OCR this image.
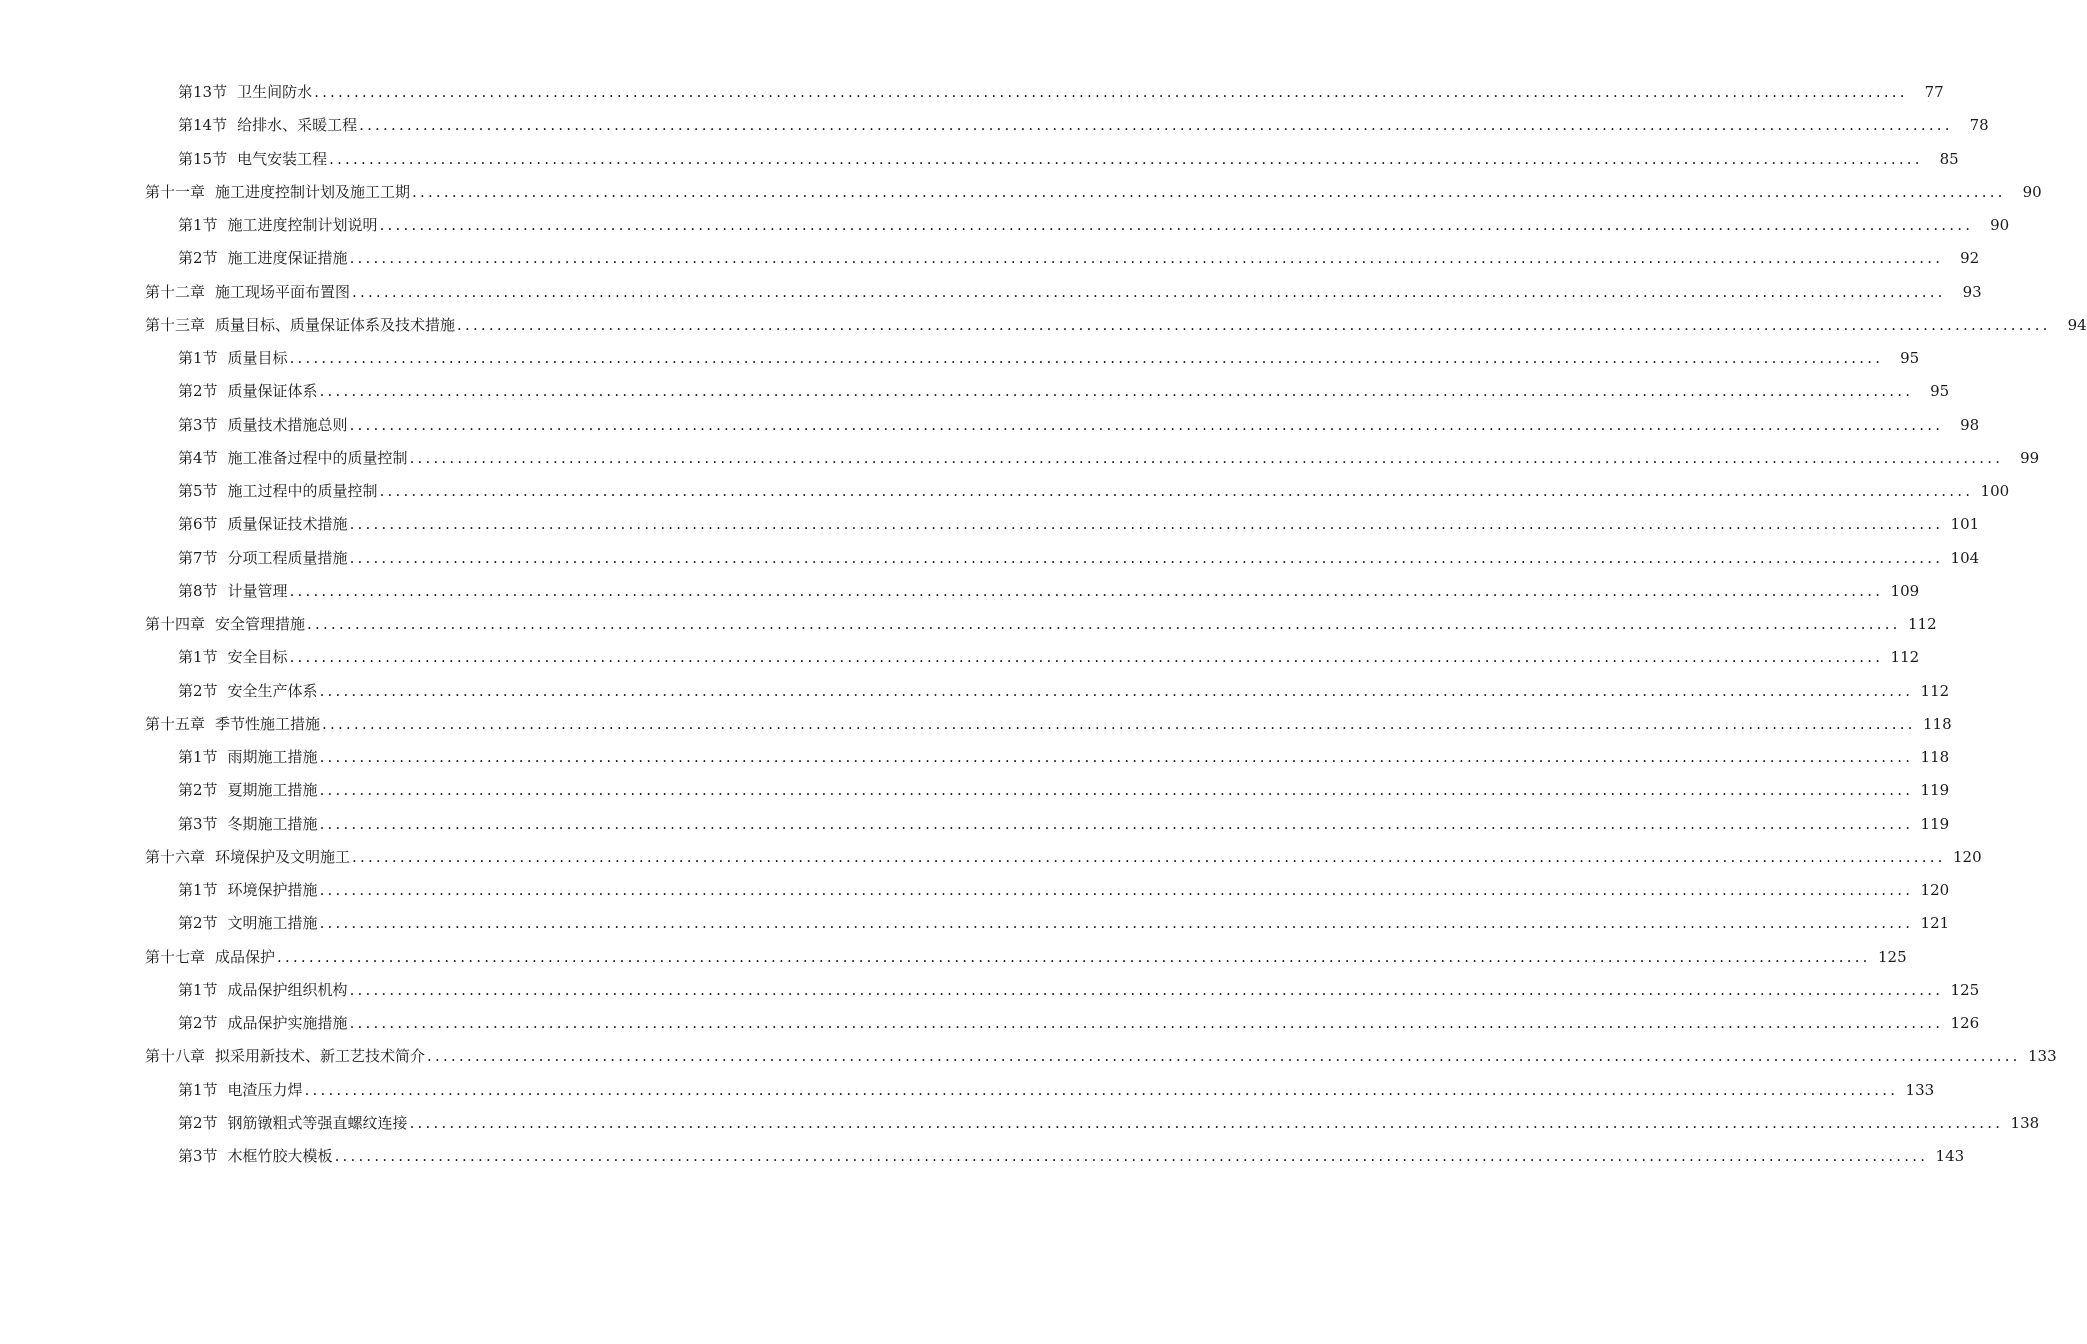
第13节 卫生间防水 ........................................................................................................................................................................................................	77
第14节 给排水、采暖工程 ........................................................................................................................................................................................................	78
第15节 电气安装工程 ........................................................................................................................................................................................................	85
第十一章 施工进度控制计划及施工工期 ........................................................................................................................................................................................................	90
第1节 施工进度控制计划说明 ........................................................................................................................................................................................................	90
第2节 施工进度保证措施 ........................................................................................................................................................................................................	92
第十二章 施工现场平面布置图 ........................................................................................................................................................................................................	93
第十三章 质量目标、质量保证体系及技术措施 ........................................................................................................................................................................................................	94
第1节 质量目标 ........................................................................................................................................................................................................	95
第2节 质量保证体系 ........................................................................................................................................................................................................	95
第3节 质量技术措施总则 ........................................................................................................................................................................................................	98
第4节 施工准备过程中的质量控制 ........................................................................................................................................................................................................	99
第5节 施工过程中的质量控制 ........................................................................................................................................................................................................ 100
第6节 质量保证技术措施 ........................................................................................................................................................................................................ 101
第7节 分项工程质量措施 ........................................................................................................................................................................................................ 104
第8节 计量管理 ........................................................................................................................................................................................................ 109
第十四章 安全管理措施 ........................................................................................................................................................................................................ 112
第1节 安全目标 ........................................................................................................................................................................................................ 112
第2节 安全生产体系 ........................................................................................................................................................................................................ 112
第十五章 季节性施工措施 ........................................................................................................................................................................................................ 118
第1节 雨期施工措施 ........................................................................................................................................................................................................ 118
第2节 夏期施工措施 ........................................................................................................................................................................................................ 119
第3节 冬期施工措施 ........................................................................................................................................................................................................ 119
第十六章 环境保护及文明施工 ........................................................................................................................................................................................................ 120
第1节 环境保护措施 ........................................................................................................................................................................................................ 120
第2节 文明施工措施 ........................................................................................................................................................................................................ 121
第十七章 成品保护 ........................................................................................................................................................................................................ 125
第1节 成品保护组织机构 ........................................................................................................................................................................................................ 125
第2节 成品保护实施措施 ........................................................................................................................................................................................................ 126
第十八章 拟采用新技术、新工艺技术简介 ........................................................................................................................................................................................................ 133
第1节 电渣压力焊 ........................................................................................................................................................................................................ 133
第2节 钢筋镦粗式等强直螺纹连接 ........................................................................................................................................................................................................ 138
第3节 木框竹胶大模板 ........................................................................................................................................................................................................ 143
